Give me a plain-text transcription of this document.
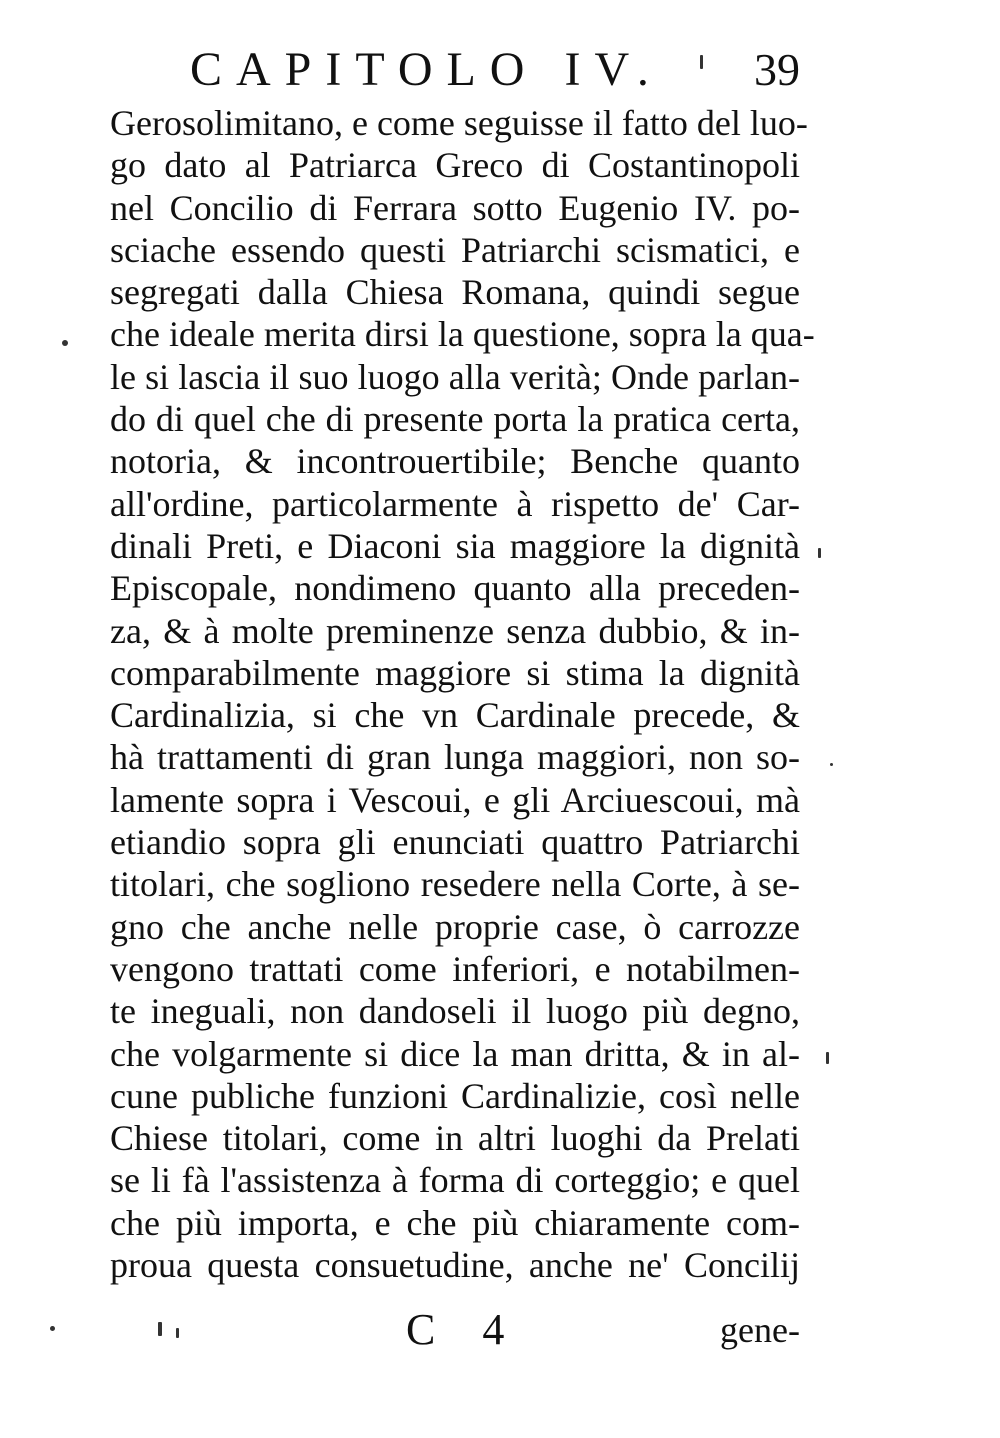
CAPITOLO IV. 39
Gerosolimitano, e come seguisse il fatto del luo-
go dato al Patriarca Greco di Costantinopoli
nel Concilio di Ferrara sotto Eugenio IV. po-
sciache essendo questi Patriarchi scismatici, e
segregati dalla Chiesa Romana, quindi segue
che ideale merita dirsi la questione, sopra la qua-
le si lascia il suo luogo alla verità; Onde parlan-
do di quel che di presente porta la pratica certa,
notoria, & incontrouertibile; Benche quanto
all'ordine, particolarmente à rispetto de' Car-
dinali Preti, e Diaconi sia maggiore la dignità
Episcopale, nondimeno quanto alla preceden-
za, & à molte preminenze senza dubbio, & in-
comparabilmente maggiore si stima la dignità
Cardinalizia, si che vn Cardinale precede, &
hà trattamenti di gran lunga maggiori, non so-
lamente sopra i Vescoui, e gli Arciuescoui, mà
etiandio sopra gli enunciati quattro Patriarchi
titolari, che sogliono resedere nella Corte, à se-
gno che anche nelle proprie case, ò carrozze
vengono trattati come inferiori, e notabilmen-
te ineguali, non dandoseli il luogo più degno,
che volgarmente si dice la man dritta, & in al-
cune publiche funzioni Cardinalizie, così nelle
Chiese titolari, come in altri luoghi da Prelati
se li fà l'assistenza à forma di corteggio; e quel
che più importa, e che più chiaramente com-
proua questa consuetudine, anche ne' Concilij
C 4	gene-
